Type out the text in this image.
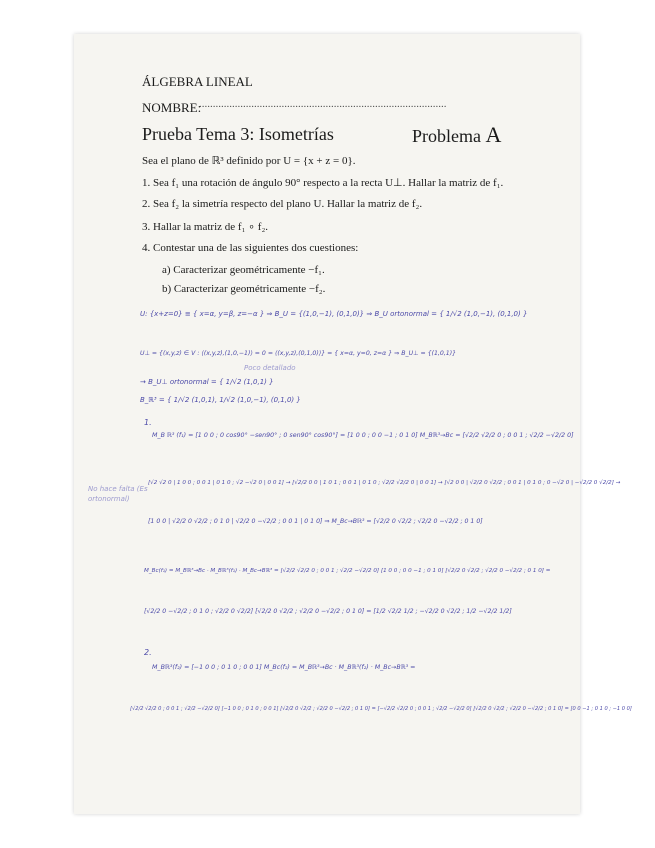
ÁLGEBRA LINEAL
NOMBRE:
..........................................................................................
Prueba Tema 3: Isometrías	Problema A
Sea el plano de ℝ³ definido por U = {x + z = 0}.
1. Sea f₁ una rotación de ángulo 90° respecto a la recta U⊥. Hallar la matriz de f₁.
2. Sea f₂ la simetría respecto del plano U. Hallar la matriz de f₂.
3. Hallar la matriz de f₁ ∘ f₂.
4. Contestar una de las siguientes dos cuestiones:
a) Caracterizar geométricamente −f₁.
b) Caracterizar geométricamente −f₂.
U: {x+z=0} ≡ { x=α, y=β, z=−α } ⇒ B_U = {(1,0,−1), (0,1,0)} ⇒ B_U ortonormal = { 1/√2 (1,0,−1), (0,1,0) }
U⊥ = {(x,y,z) ∈ V : ⟨(x,y,z),(1,0,−1)⟩ = 0 = ⟨(x,y,z),(0,1,0)⟩} = { x=α, y=0, z=α } ⇒ B_U⊥ = {(1,0,1)}
Poco detallado
→ B_U⊥ ortonormal = { 1/√2 (1,0,1) }
B_ℝ³ = { 1/√2 (1,0,1), 1/√2 (1,0,−1), (0,1,0) }
1.
M_B ℝ³ (f₁) = [1 0 0 ; 0 cos90° −sen90° ; 0 sen90° cos90°] = [1 0 0 ; 0 0 −1 ; 0 1 0] M_Bℝ³→Bc = [√2/2 √2/2 0 ; 0 0 1 ; √2/2 −√2/2 0]
No hace falta (Es ortonormal)
[√2 √2 0 | 1 0 0 ; 0 0 1 | 0 1 0 ; √2 −√2 0 | 0 0 1] → [√2/2 0 0 | 1 0 1 ; 0 0 1 | 0 1 0 ; √2/2 √2/2 0 | 0 0 1] → [√2 0 0 | √2/2 0 √2/2 ; 0 0 1 | 0 1 0 ; 0 −√2 0 | −√2/2 0 √2/2] →
[1 0 0 | √2/2 0 √2/2 ; 0 1 0 | √2/2 0 −√2/2 ; 0 0 1 | 0 1 0] ⇒ M_Bc→Bℝ³ = [√2/2 0 √2/2 ; √2/2 0 −√2/2 ; 0 1 0]
M_Bc(f₁) = M_Bℝ³→Bc · M_Bℝ³(f₁) · M_Bc→Bℝ³ = [√2/2 √2/2 0 ; 0 0 1 ; √2/2 −√2/2 0] [1 0 0 ; 0 0 −1 ; 0 1 0] [√2/2 0 √2/2 ; √2/2 0 −√2/2 ; 0 1 0] =
[√2/2 0 −√2/2 ; 0 1 0 ; √2/2 0 √2/2] [√2/2 0 √2/2 ; √2/2 0 −√2/2 ; 0 1 0] = [1/2 √2/2 1/2 ; −√2/2 0 √2/2 ; 1/2 −√2/2 1/2]
2.
M_Bℝ³(f₂) = [−1 0 0 ; 0 1 0 ; 0 0 1] M_Bc(f₂) = M_Bℝ³→Bc · M_Bℝ³(f₂) · M_Bc→Bℝ³ =
[√2/2 √2/2 0 ; 0 0 1 ; √2/2 −√2/2 0] [−1 0 0 ; 0 1 0 ; 0 0 1] [√2/2 0 √2/2 ; √2/2 0 −√2/2 ; 0 1 0] = [−√2/2 √2/2 0 ; 0 0 1 ; √2/2 −√2/2 0] [√2/2 0 √2/2 ; √2/2 0 −√2/2 ; 0 1 0] = [0 0 −1 ; 0 1 0 ; −1 0 0]
